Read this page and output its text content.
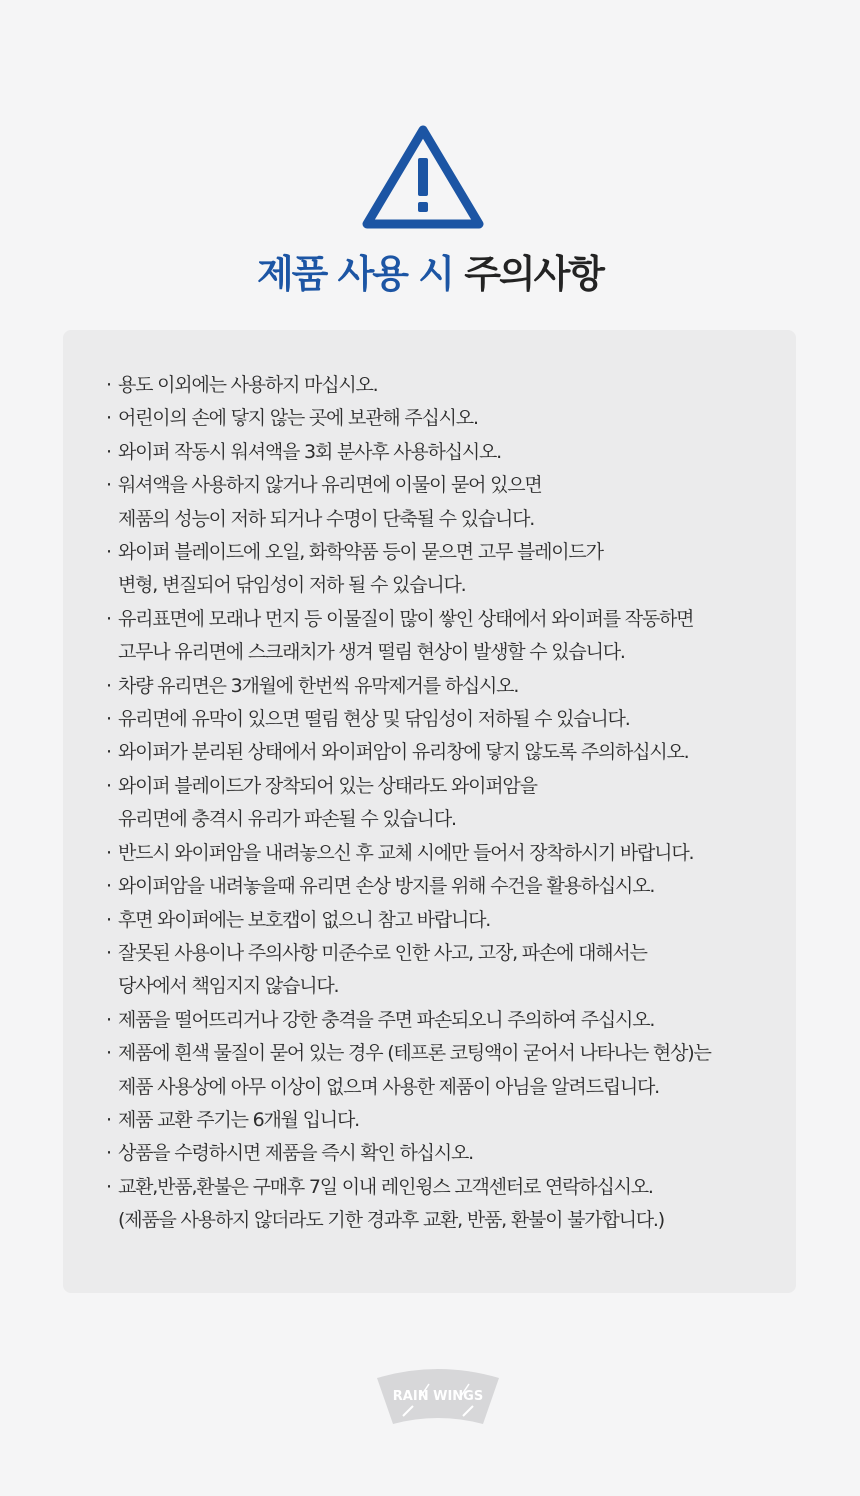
제품 사용 시 주의사항
· 용도 이외에는 사용하지 마십시오.
· 어린이의 손에 닿지 않는 곳에 보관해 주십시오.
· 와이퍼 작동시 워셔액을 3회 분사후 사용하십시오.
· 워셔액을 사용하지 않거나 유리면에 이물이 묻어 있으면
제품의 성능이 저하 되거나 수명이 단축될 수 있습니다.
· 와이퍼 블레이드에 오일, 화학약품 등이 묻으면 고무 블레이드가
변형, 변질되어 닦임성이 저하 될 수 있습니다.
· 유리표면에 모래나 먼지 등 이물질이 많이 쌓인 상태에서 와이퍼를 작동하면
고무나 유리면에 스크래치가 생겨 떨림 현상이 발생할 수 있습니다.
· 차량 유리면은 3개월에 한번씩 유막제거를 하십시오.
· 유리면에 유막이 있으면 떨림 현상 및 닦임성이 저하될 수 있습니다.
· 와이퍼가 분리된 상태에서 와이퍼암이 유리창에 닿지 않도록 주의하십시오.
· 와이퍼 블레이드가 장착되어 있는 상태라도 와이퍼암을
유리면에 충격시 유리가 파손될 수 있습니다.
· 반드시 와이퍼암을 내려놓으신 후 교체 시에만 들어서 장착하시기 바랍니다.
· 와이퍼암을 내려놓을때 유리면 손상 방지를 위해 수건을 활용하십시오.
· 후면 와이퍼에는 보호캡이 없으니 참고 바랍니다.
· 잘못된 사용이나 주의사항 미준수로 인한 사고, 고장, 파손에 대해서는
당사에서 책임지지 않습니다.
· 제품을 떨어뜨리거나 강한 충격을 주면 파손되오니 주의하여 주십시오.
· 제품에 흰색 물질이 묻어 있는 경우 (테프론 코팅액이 굳어서 나타나는 현상)는
제품 사용상에 아무 이상이 없으며 사용한 제품이 아님을 알려드립니다.
· 제품 교환 주기는 6개월 입니다.
· 상품을 수령하시면 제품을 즉시 확인 하십시오.
· 교환,반품,환불은 구매후 7일 이내 레인윙스 고객센터로 연락하십시오.
(제품을 사용하지 않더라도 기한 경과후 교환, 반품, 환불이 불가합니다.)
RAIN WINGS
